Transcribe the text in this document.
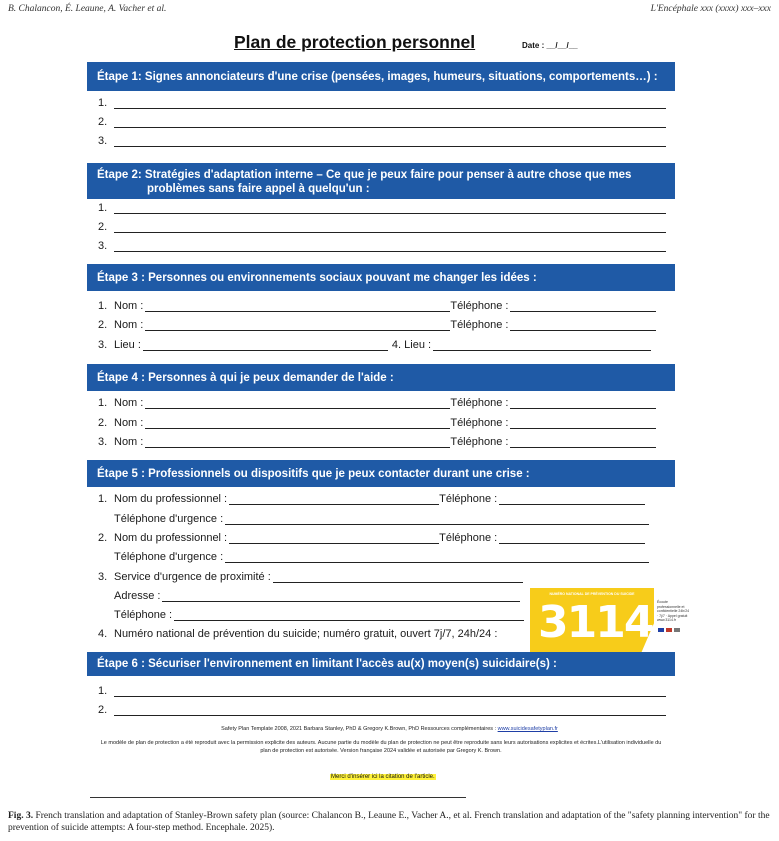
B. Chalancon, É. Leaune, A. Vacher et al.	L'Encéphale xxx (xxxx) xxx–xxx
Plan de protection personnel	Date : __/__/__
Étape 1: Signes annonciateurs d'une crise (pensées, images, humeurs, situations, comportements…) :
1.
2.
3.
Étape 2: Stratégies d'adaptation interne – Ce que je peux faire pour penser à autre chose que mes
problèmes sans faire appel à quelqu'un :
1.
2.
3.
Étape 3 : Personnes ou environnements sociaux pouvant me changer les idées :
1. Nom :	Téléphone :
2. Nom :	Téléphone :
3. Lieu :	4. Lieu :
Étape 4 : Personnes à qui je peux demander de l'aide :
1. Nom :	Téléphone :
2. Nom :	Téléphone :
3. Nom :	Téléphone :
Étape 5 : Professionnels ou dispositifs que je peux contacter durant une crise :
1. Nom du professionnel :	Téléphone :
Téléphone d'urgence :
2. Nom du professionnel :	Téléphone :
Téléphone d'urgence :
3. Service d'urgence de proximité :
Adresse :
Téléphone :
4. Numéro national de prévention du suicide; numéro gratuit, ouvert 7j/7, 24h/24 :
NUMÉRO NATIONAL DE PRÉVENTION DU SUICIDE
3114 Écoute professionnelle et confidentielle 24h/24 · 7j/7 · Appel gratuit
www.3114.fr
Étape 6 : Sécuriser l'environnement en limitant l'accès au(x) moyen(s) suicidaire(s) :
1.
2.
Safety Plan Template 2008, 2021 Barbara Stanley, PhD & Gregory K.Brown, PhD Ressources complémentaires : www.suicidesafetyplan.fr
Le modèle de plan de protection a été reproduit avec la permission explicite des auteurs. Aucune partie du modèle du plan de protection ne peut être reproduite sans leurs autorisations explicites et écrites.L'utilisation individuelle du plan de protection est autorisée. Version française 2024 validée et autorisée par Gregory K. Brown.
Merci d'insérer ici la citation de l'article.
Fig. 3. French translation and adaptation of Stanley-Brown safety plan (source: Chalancon B., Leaune E., Vacher A., et al. French translation and adaptation of the "safety planning intervention" for the prevention of suicide attempts: A four-step method. Encephale. 2025).
